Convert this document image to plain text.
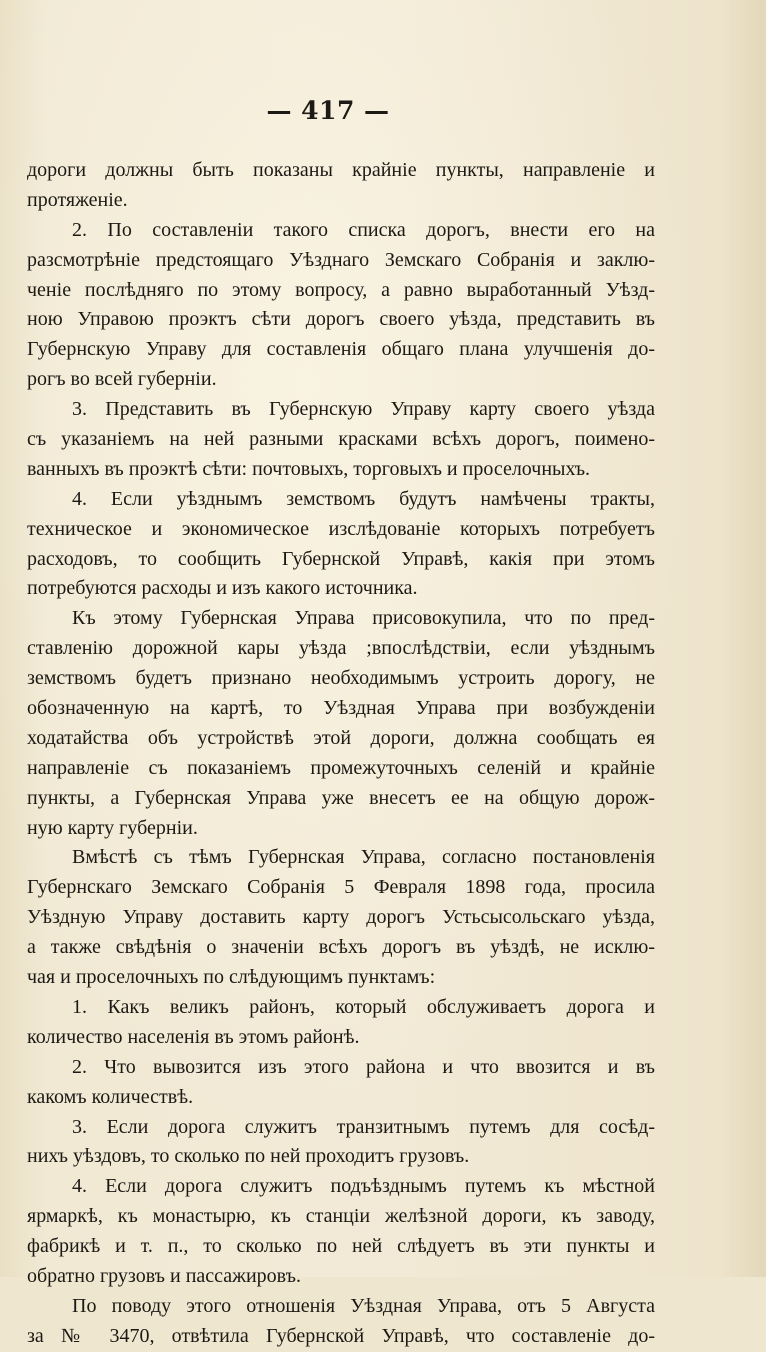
— 417 —
дороги должны быть показаны крайніе пункты, направленіе и
протяженіе.
2. По составленіи такого списка дорогъ, внести его на
разсмотрѣніе предстоящаго Уѣзднаго Земскаго Собранія и заклю-
ченіе послѣдняго по этому вопросу, а равно выработанный Уѣзд-
ною Управою проэктъ сѣти дорогъ своего уѣзда, представить въ
Губернскую Управу для составленія общаго плана улучшенія до-
рогъ во всей губерніи.
3. Представить въ Губернскую Управу карту своего уѣзда
съ указаніемъ на ней разными красками всѣхъ дорогъ, поимено-
ванныхъ въ проэктѣ сѣти: почтовыхъ, торговыхъ и проселочныхъ.
4. Если уѣзднымъ земствомъ будутъ намѣчены тракты,
техническое и экономическое изслѣдованіе которыхъ потребуетъ
расходовъ, то сообщить Губернской Управѣ, какія при этомъ
потребуются расходы и изъ какого источника.
Къ этому Губернская Управа присовокупила, что по пред-
ставленію дорожной кары уѣзда ;впослѣдствіи, если уѣзднымъ
земствомъ будетъ признано необходимымъ устроить дорогу, не
обозначенную на картѣ, то Уѣздная Управа при возбужденіи
ходатайства объ устройствѣ этой дороги, должна сообщать ея
направленіе съ показаніемъ промежуточныхъ селеній и крайніе
пункты, а Губернская Управа уже внесетъ ее на общую дорож-
ную карту губерніи.
Вмѣстѣ съ тѣмъ Губернская Управа, согласно постановленія
Губернскаго Земскаго Собранія 5 Февраля 1898 года, просила
Уѣздную Управу доставить карту дорогъ Устьсысольскаго уѣзда,
а также свѣдѣнія о значеніи всѣхъ дорогъ въ уѣздѣ, не исклю-
чая и проселочныхъ по слѣдующимъ пунктамъ:
1. Какъ великъ районъ, который обслуживаетъ дорога и
количество населенія въ этомъ районѣ.
2. Что вывозится изъ этого района и что ввозится и въ
какомъ количествѣ.
3. Если дорога служитъ транзитнымъ путемъ для сосѣд-
нихъ уѣздовъ, то сколько по ней проходитъ грузовъ.
4. Если дорога служитъ подъѣзднымъ путемъ къ мѣстной
ярмаркѣ, къ монастырю, къ станціи желѣзной дороги, къ заводу,
фабрикѣ и т. п., то сколько по ней слѣдуетъ въ эти пункты и
обратно грузовъ и пассажировъ.
По поводу этого отношенія Уѣздная Управа, отъ 5 Августа
за № 3470, отвѣтила Губернской Управѣ, что составленіе до-
